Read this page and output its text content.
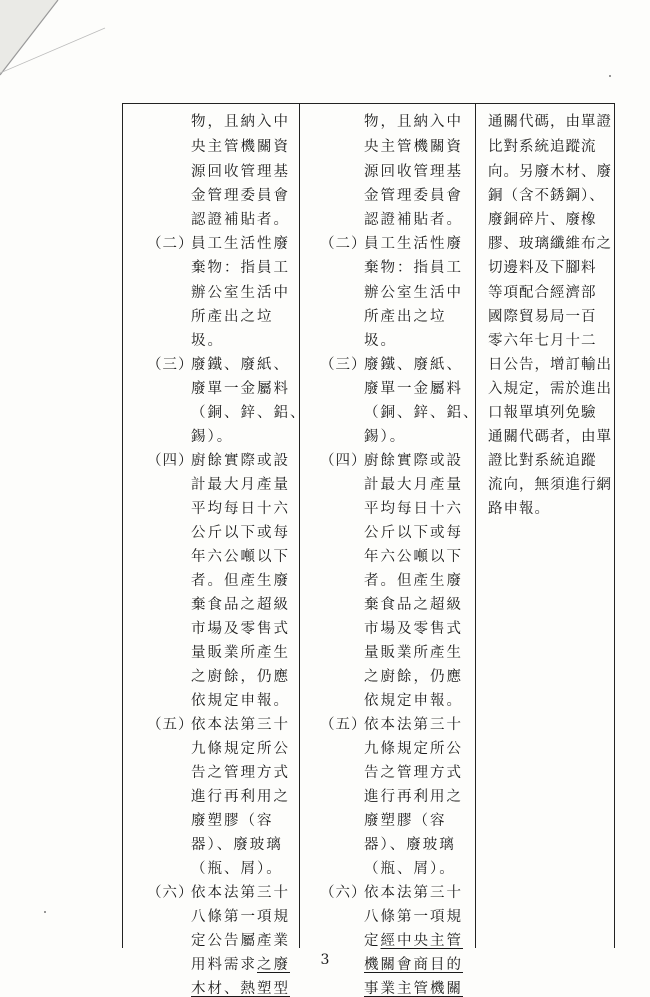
物，且納入中
央主管機關資
源回收管理基
金管理委員會
認證補貼者。
（二）
員工生活性廢
棄物：指員工
辦公室生活中
所產出之垃
圾。
（三）
廢鐵、廢紙、
廢單一金屬料
（銅、鋅、鋁、
錫）。
（四）
廚餘實際或設
計最大月產量
平均每日十六
公斤以下或每
年六公噸以下
者。但產生廢
棄食品之超級
市場及零售式
量販業所產生
之廚餘，仍應
依規定申報。
（五）
依本法第三十
九條規定所公
告之管理方式
進行再利用之
廢塑膠（容
器）、廢玻璃
（瓶、屑）。
（六）
依本法第三十
八條第一項規
定公告屬產業
用料需求之廢
木材、熱塑型
物，且納入中
央主管機關資
源回收管理基
金管理委員會
認證補貼者。
（二）
員工生活性廢
棄物：指員工
辦公室生活中
所產出之垃
圾。
（三）
廢鐵、廢紙、
廢單一金屬料
（銅、鋅、鋁、
錫）。
（四）
廚餘實際或設
計最大月產量
平均每日十六
公斤以下或每
年六公噸以下
者。但產生廢
棄食品之超級
市場及零售式
量販業所產生
之廚餘，仍應
依規定申報。
（五）
依本法第三十
九條規定所公
告之管理方式
進行再利用之
廢塑膠（容
器）、廢玻璃
（瓶、屑）。
（六）
依本法第三十
八條第一項規
定經中央主管
機關會商目的
事業主管機關
通關代碼，由單證
比對系統追蹤流
向。另廢木材、廢
銅（含不銹鋼）、
廢銅碎片、廢橡
膠、玻璃纖維布之
切邊料及下腳料
等項配合經濟部
國際貿易局一百
零六年七月十二
日公告，增訂輸出
入規定，需於進出
口報單填列免驗
通關代碼者，由單
證比對系統追蹤
流向，無須進行網
路申報。
3
